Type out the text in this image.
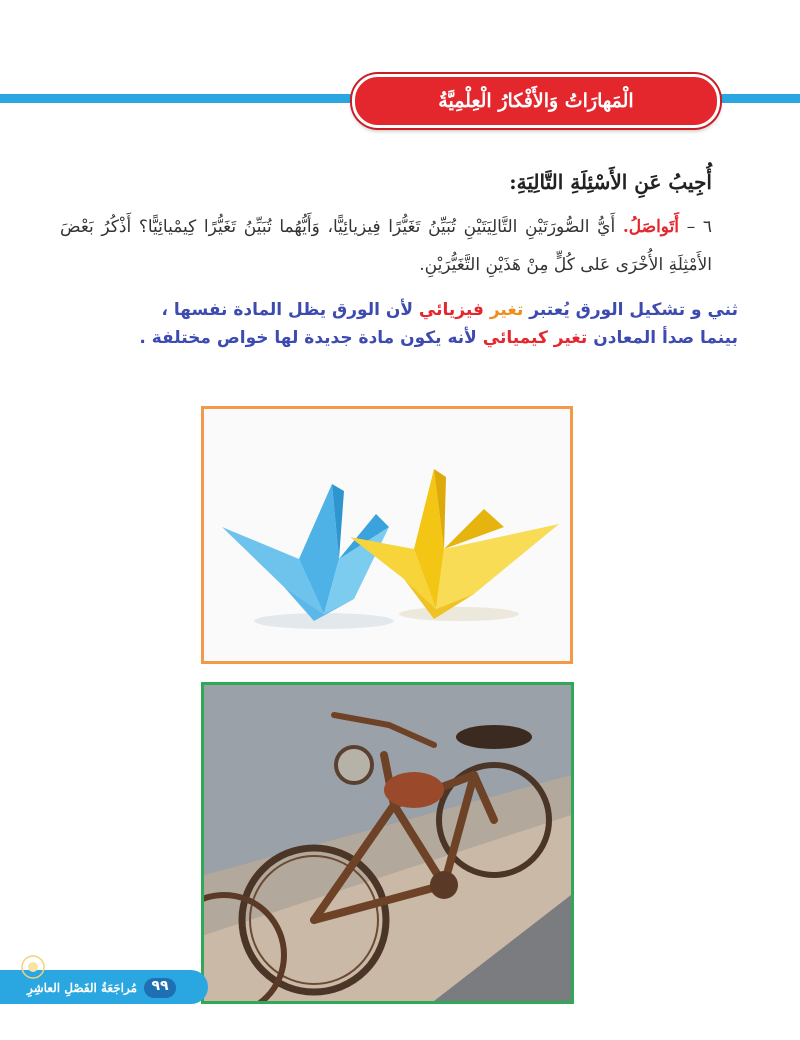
الْمَهارَاتُ وَالأَفْكارُ الْعِلْمِيَّةُ
أُجِيبُ عَنِ الأَسْئِلَةِ التَّالِيَةِ:
٦ – أَتَواصَلُ. أَيُّ الصُّورَتَيْنِ التَّالِيَتَيْنِ تُبَيِّنُ تَغَيُّرًا فِيزيائِيًّا، وَأَيُّهُما تُبَيِّنُ تَغَيُّرًا كِيمْيائِيًّا؟ أَذْكُرُ بَعْضَ الأَمْثِلَةِ الأُخْرَى عَلى كُلٍّ مِنْ هَذَيْنِ التَّغَيُّرَيْنِ.
ثني و تشكيل الورق يُعتبر تغير فيزيائي لأن الورق يظل المادة نفسها ،
بينما صدأ المعادن تغير كيميائي لأنه يكون مادة جديدة لها خواص مختلفة .
٩٩
مُراجَعَةُ الفَصْلِ العاشِرِ
